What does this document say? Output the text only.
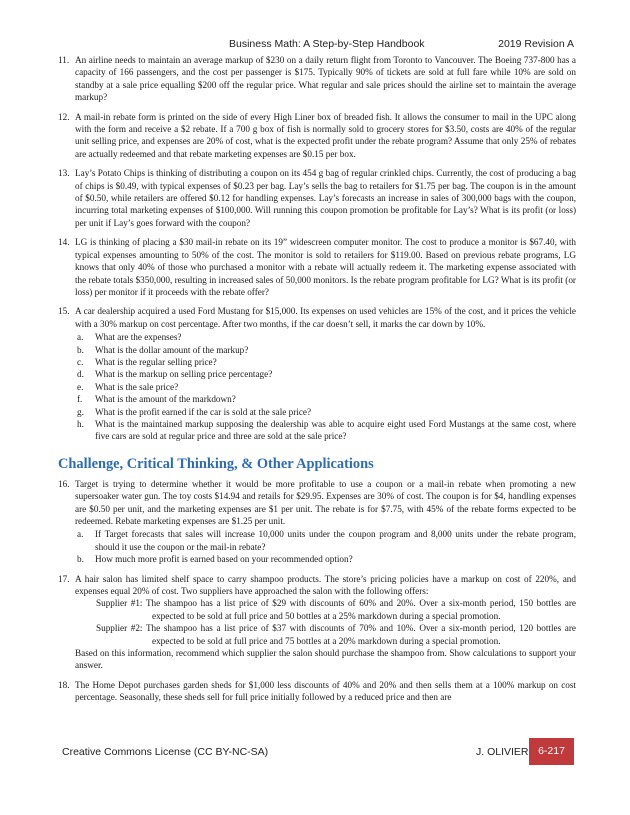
Business Math: A Step-by-Step Handbook	2019 Revision A
11. An airline needs to maintain an average markup of $230 on a daily return flight from Toronto to Vancouver. The Boeing 737-800 has a capacity of 166 passengers, and the cost per passenger is $175. Typically 90% of tickets are sold at full fare while 10% are sold on standby at a sale price equalling $200 off the regular price. What regular and sale prices should the airline set to maintain the average markup?
12. A mail-in rebate form is printed on the side of every High Liner box of breaded fish. It allows the consumer to mail in the UPC along with the form and receive a $2 rebate. If a 700 g box of fish is normally sold to grocery stores for $3.50, costs are 40% of the regular unit selling price, and expenses are 20% of cost, what is the expected profit under the rebate program? Assume that only 25% of rebates are actually redeemed and that rebate marketing expenses are $0.15 per box.
13. Lay’s Potato Chips is thinking of distributing a coupon on its 454 g bag of regular crinkled chips. Currently, the cost of producing a bag of chips is $0.49, with typical expenses of $0.23 per bag. Lay’s sells the bag to retailers for $1.75 per bag. The coupon is in the amount of $0.50, while retailers are offered $0.12 for handling expenses. Lay’s forecasts an increase in sales of 300,000 bags with the coupon, incurring total marketing expenses of $100,000. Will running this coupon promotion be profitable for Lay’s? What is its profit (or loss) per unit if Lay’s goes forward with the coupon?
14. LG is thinking of placing a $30 mail-in rebate on its 19” widescreen computer monitor. The cost to produce a monitor is $67.40, with typical expenses amounting to 50% of the cost. The monitor is sold to retailers for $119.00. Based on previous rebate programs, LG knows that only 40% of those who purchased a monitor with a rebate will actually redeem it. The marketing expense associated with the rebate totals $350,000, resulting in increased sales of 50,000 monitors. Is the rebate program profitable for LG? What is its profit (or loss) per monitor if it proceeds with the rebate offer?
15. A car dealership acquired a used Ford Mustang for $15,000. Its expenses on used vehicles are 15% of the cost, and it prices the vehicle with a 30% markup on cost percentage. After two months, if the car doesn’t sell, it marks the car down by 10%.
a.	What are the expenses?
b.	What is the dollar amount of the markup?
c.	What is the regular selling price?
d.	What is the markup on selling price percentage?
e.	What is the sale price?
f.	What is the amount of the markdown?
g.	What is the profit earned if the car is sold at the sale price?
h.	What is the maintained markup supposing the dealership was able to acquire eight used Ford Mustangs at the same cost, where five cars are sold at regular price and three are sold at the sale price?
Challenge, Critical Thinking, & Other Applications
16. Target is trying to determine whether it would be more profitable to use a coupon or a mail-in rebate when promoting a new supersoaker water gun. The toy costs $14.94 and retails for $29.95. Expenses are 30% of cost. The coupon is for $4, handling expenses are $0.50 per unit, and the marketing expenses are $1 per unit. The rebate is for $7.75, with 45% of the rebate forms expected to be redeemed. Rebate marketing expenses are $1.25 per unit.
a.	If Target forecasts that sales will increase 10,000 units under the coupon program and 8,000 units under the rebate program, should it use the coupon or the mail-in rebate?
b.	How much more profit is earned based on your recommended option?
17. A hair salon has limited shelf space to carry shampoo products. The store’s pricing policies have a markup on cost of 220%, and expenses equal 20% of cost. Two suppliers have approached the salon with the following offers:
Supplier #1: The shampoo has a list price of $29 with discounts of 60% and 20%. Over a six-month period, 150 bottles are expected to be sold at full price and 50 bottles at a 25% markdown during a special promotion.
Supplier #2: The shampoo has a list price of $37 with discounts of 70% and 10%. Over a six-month period, 120 bottles are expected to be sold at full price and 75 bottles at a 20% markdown during a special promotion.
Based on this information, recommend which supplier the salon should purchase the shampoo from. Show calculations to support your answer.
18. The Home Depot purchases garden sheds for $1,000 less discounts of 40% and 20% and then sells them at a 100% markup on cost percentage. Seasonally, these sheds sell for full price initially followed by a reduced price and then are
Creative Commons License (CC BY-NC-SA)	J. OLIVIER 6-217
